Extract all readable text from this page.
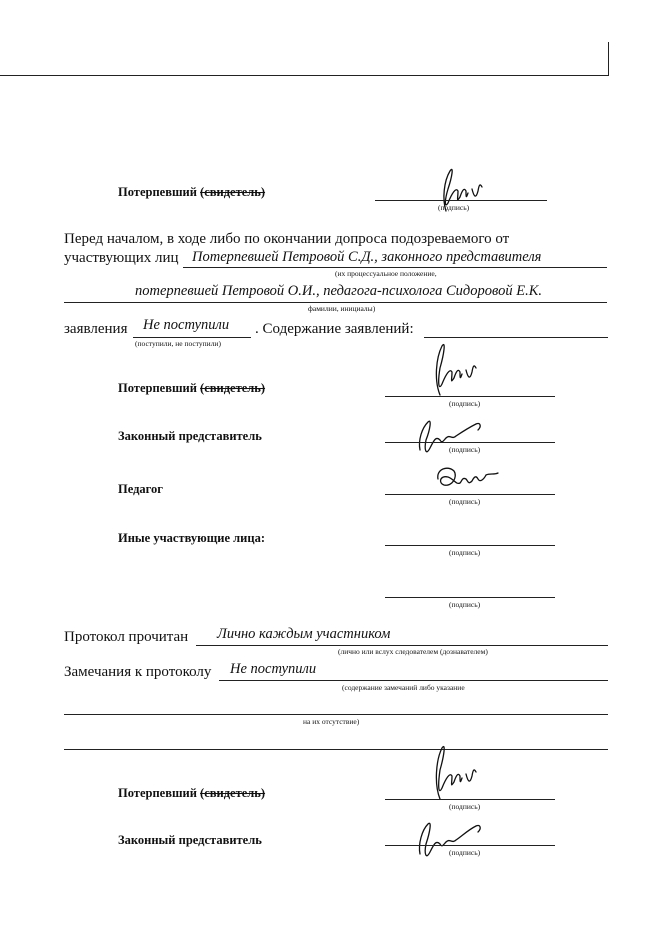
Потерпевший (свидетель)
(подпись)
Перед началом, в ходе либо по окончании допроса подозреваемого от
участвующих лиц Потерпевшей Петровой С.Д., законного представителя
(их процессуальное положение,
потерпевшей Петровой О.И., педагога-психолога Сидоровой Е.К.
фамилии, инициалы)
заявления Не поступили
(поступили, не поступили)
. Содержание заявлений:
Потерпевший (свидетель)
(подпись)
Законный представитель
(подпись)
Педагог
(подпись)
Иные участвующие лица:
(подпись)
(подпись)
Протокол прочитан Лично каждым участником
(лично или вслух следователем (дознавателем)
Замечания к протоколу Не поступили
(содержание замечаний либо указание
на их отсутствие)
Потерпевший (свидетель)
(подпись)
Законный представитель
(подпись)
